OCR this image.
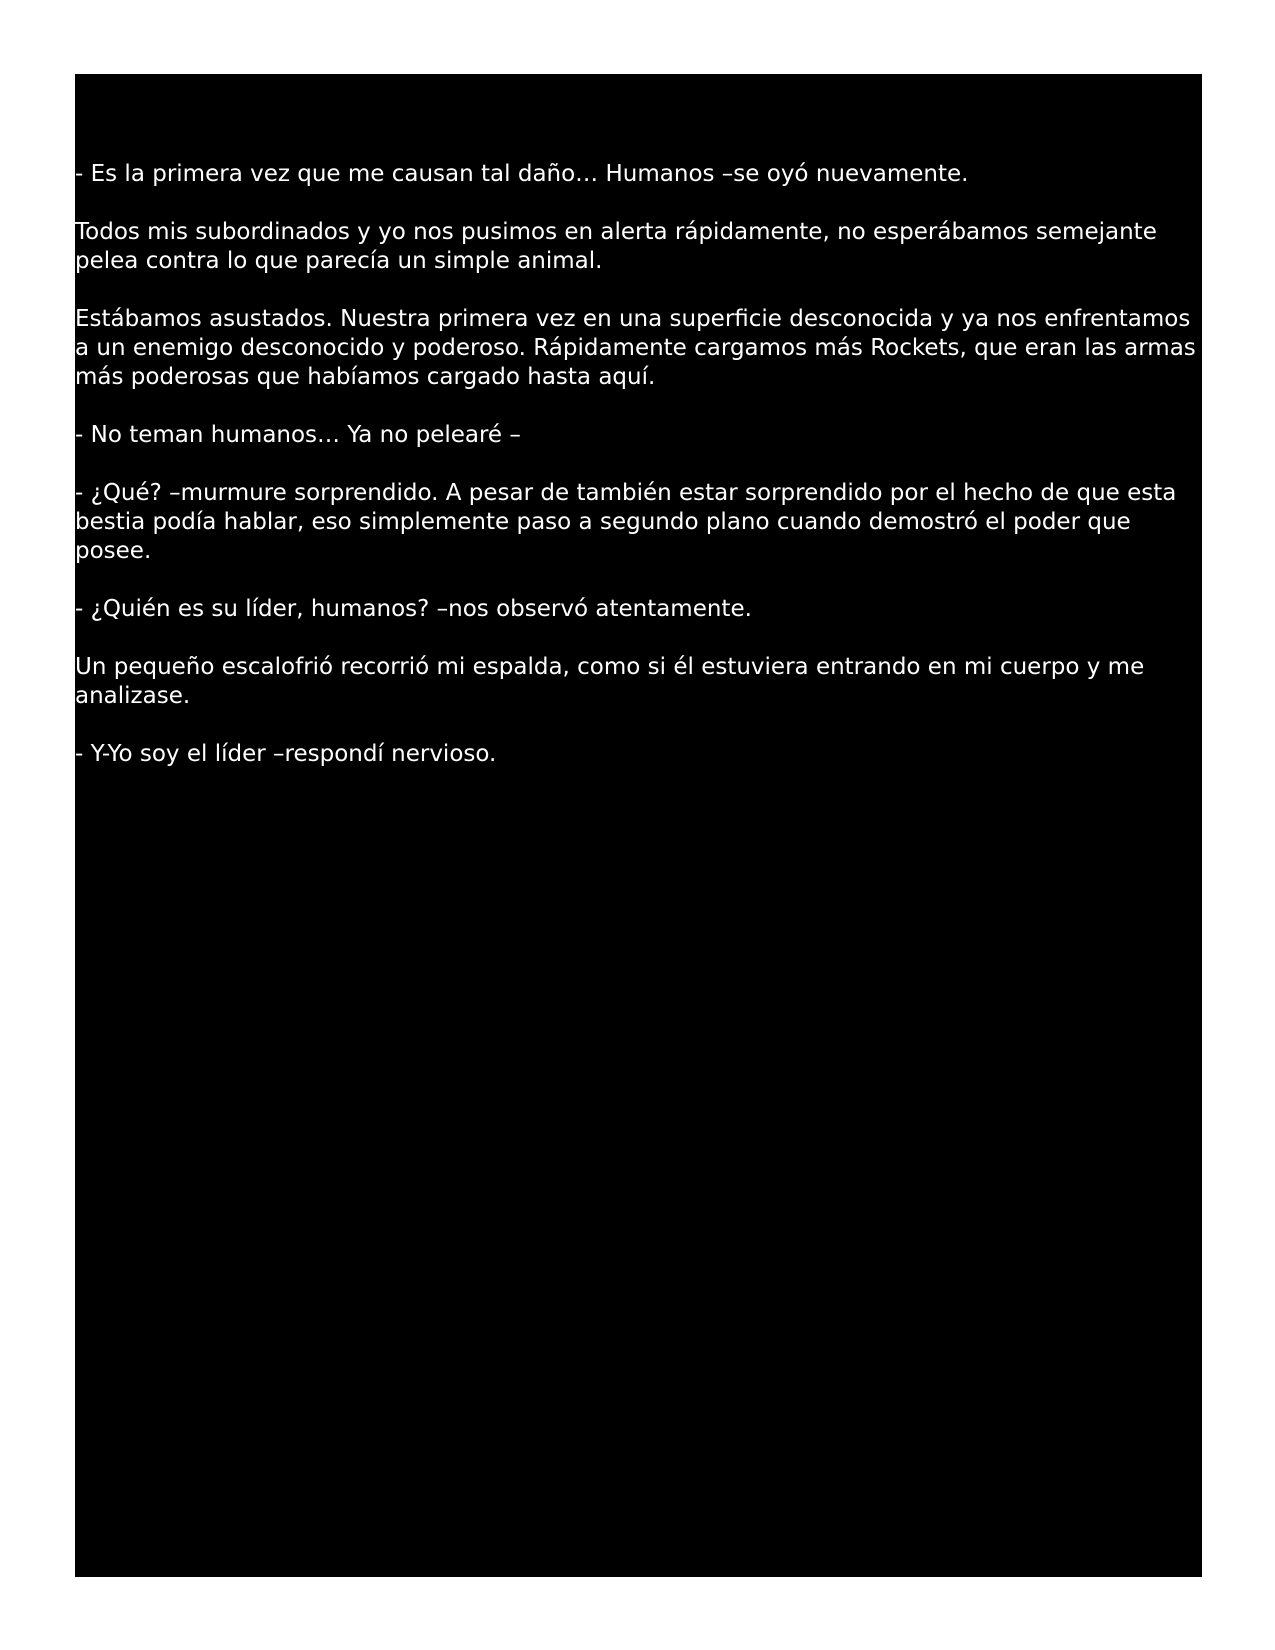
- Es la primera vez que me causan tal daño… Humanos –se oyó nuevamente.

Todos mis subordinados y yo nos pusimos en alerta rápidamente, no esperábamos semejante pelea contra lo que parecía un simple animal.

Estábamos asustados. Nuestra primera vez en una superficie desconocida y ya nos enfrentamos a un enemigo desconocido y poderoso. Rápidamente cargamos más Rockets, que eran las armas más poderosas que habíamos cargado hasta aquí.

- No teman humanos… Ya no pelearé –

- ¿Qué? –murmure sorprendido. A pesar de también estar sorprendido por el hecho de que esta bestia podía hablar, eso simplemente paso a segundo plano cuando demostró el poder que posee.

- ¿Quién es su líder, humanos? –nos observó atentamente.

Un pequeño escalofrió recorrió mi espalda, como si él estuviera entrando en mi cuerpo y me analizase.

- Y-Yo soy el líder –respondí nervioso.
